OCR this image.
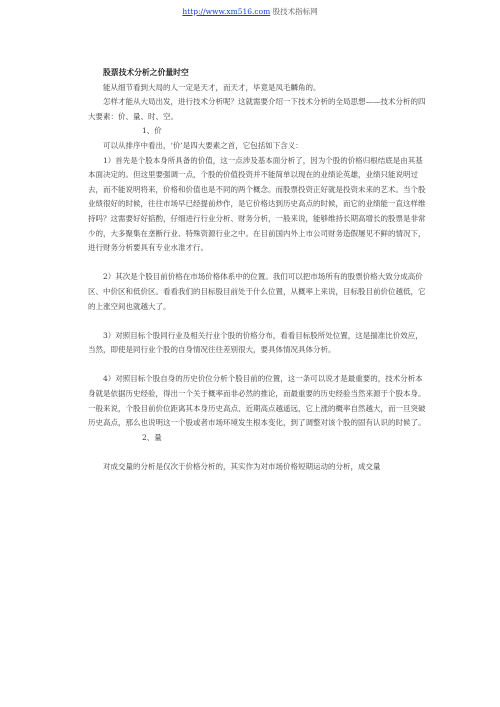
http://www.xm516.com 股技术指标网

股票技术分析之价量时空

能从细节看到大局的人一定是天才，而天才，毕竟是凤毛麟角的。

怎样才能从大局出发，进行技术分析呢？这就需要介绍一下技术分析的全局思想——技术分析的四大要素：价、量、时、空。

1、价

可以从排序中看出，‘价’是四大要素之首，它包括如下含义：

1）首先是个股本身所具备的价值，这一点涉及基本面分析了，因为个股的价格归根结底是由其基本面决定的。但这里要强调一点，个股的价值投资并不能简单以现在的业绩论英雄，业绩只能说明过去，而不能说明将来，价格和价值也是不同的两个概念。而股票投资正好就是投资未来的艺术。当个股业绩很好的时候，往往市场早已经提前炒作，是它价格达到历史高点的时候，而它的业绩能一直这样维持吗？这需要好好掂酌，仔细进行行业分析、财务分析，一般来说，能够维持长期高增长的股票是非常少的，大多聚集在垄断行业、特殊资源行业之中。在目前国内外上市公司财务造假屡见不鲜的情况下，进行财务分析要具有专业水准才行。

2）其次是个股目前价格在市场价格体系中的位置。我们可以把市场所有的股票价格大致分成高价区、中价区和低价区。看看我们的目标股目前处于什么位置，从概率上来说，目标股目前价位越低，它的上涨空间也就越大了。

3）对照目标个股同行业及相关行业个股的价格分布，看看目标股所处位置，这是揣准比价效应，当然，即使是同行业个股的自身情况往往差别很大，要具体情况具体分析。

4）对照目标个股自身的历史价位分析个股目前的位置，这一条可以说才是最重要的，技术分析本身就是依据历史经验，得出一个关于概率而非必然的推论，而最重要的历史经验当然来源于个股本身。一般来说，个股目前价位距离其本身历史高点、近期高点越遥远，它上涨的概率自然越大，而一旦突破历史高点，那么也说明这一个股或者市场环境发生根本变化，到了调整对该个股的固有认识的时候了。

2、量

对成交量的分析是仅次于价格分析的，其实作为对市场价格短期运动的分析，成交量
